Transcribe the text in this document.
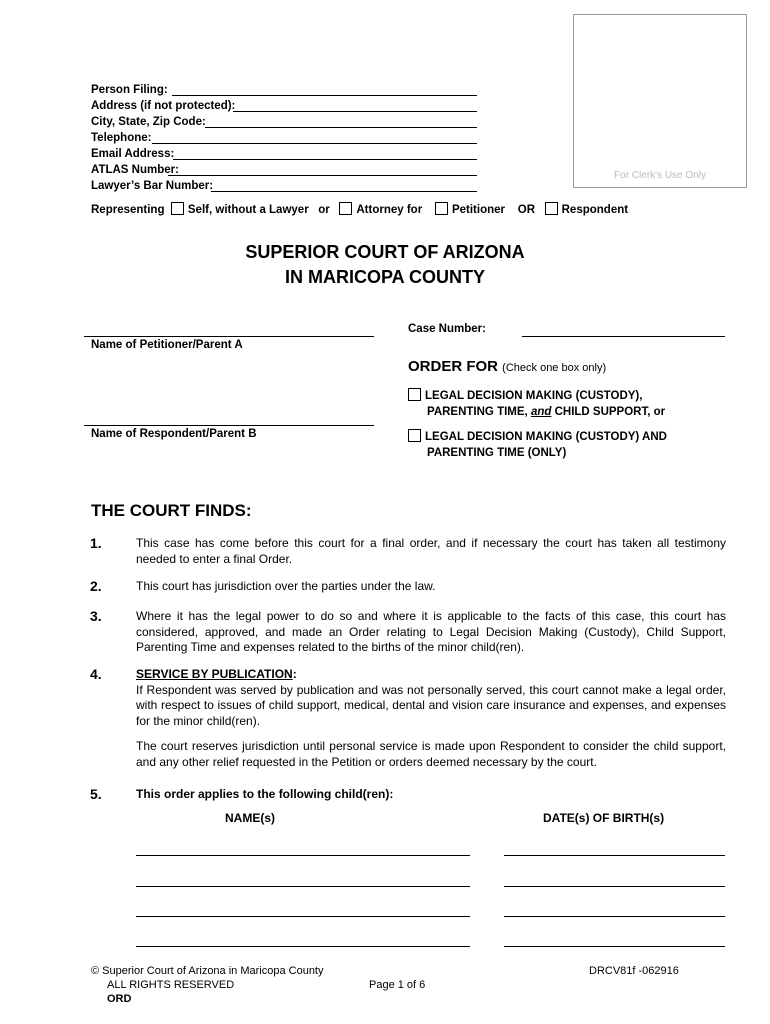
For Clerk's Use Only
Person Filing:
Address (if not protected):
City, State, Zip Code:
Telephone:
Email Address:
ATLAS Number:
Lawyer’s Bar Number:
Representing Self, without a Lawyer or Attorney for	Petitioner OR Respondent
SUPERIOR COURT OF ARIZONA
IN MARICOPA COUNTY
Name of Petitioner/Parent A
Case Number:
Name of Respondent/Parent B
ORDER FOR (Check one box only)
LEGAL DECISION MAKING (CUSTODY),
PARENTING TIME, and CHILD SUPPORT, or
LEGAL DECISION MAKING (CUSTODY) AND
PARENTING TIME (ONLY)
THE COURT FINDS:
1.	This case has come before this court for a final order, and if necessary the court has taken all testimony needed to enter a final Order.
2.	This court has jurisdiction over the parties under the law.
3.	Where it has the legal power to do so and where it is applicable to the facts of this case, this court has considered, approved, and made an Order relating to Legal Decision Making (Custody), Child Support, Parenting Time and expenses related to the births of the minor child(ren).
4.	SERVICE BY PUBLICATION:
If Respondent was served by publication and was not personally served, this court cannot make a legal order, with respect to issues of child support, medical, dental and vision care insurance and expenses, and expenses for the minor child(ren).
The court reserves jurisdiction until personal service is made upon Respondent to consider the child support, and any other relief requested in the Petition or orders deemed necessary by the court.
5.	This order applies to the following child(ren):
NAME(s)	DATE(s) OF BIRTH(s)
© Superior Court of Arizona in Maricopa County
ALL RIGHTS RESERVED
ORD
Page 1 of 6
DRCV81f -062916
